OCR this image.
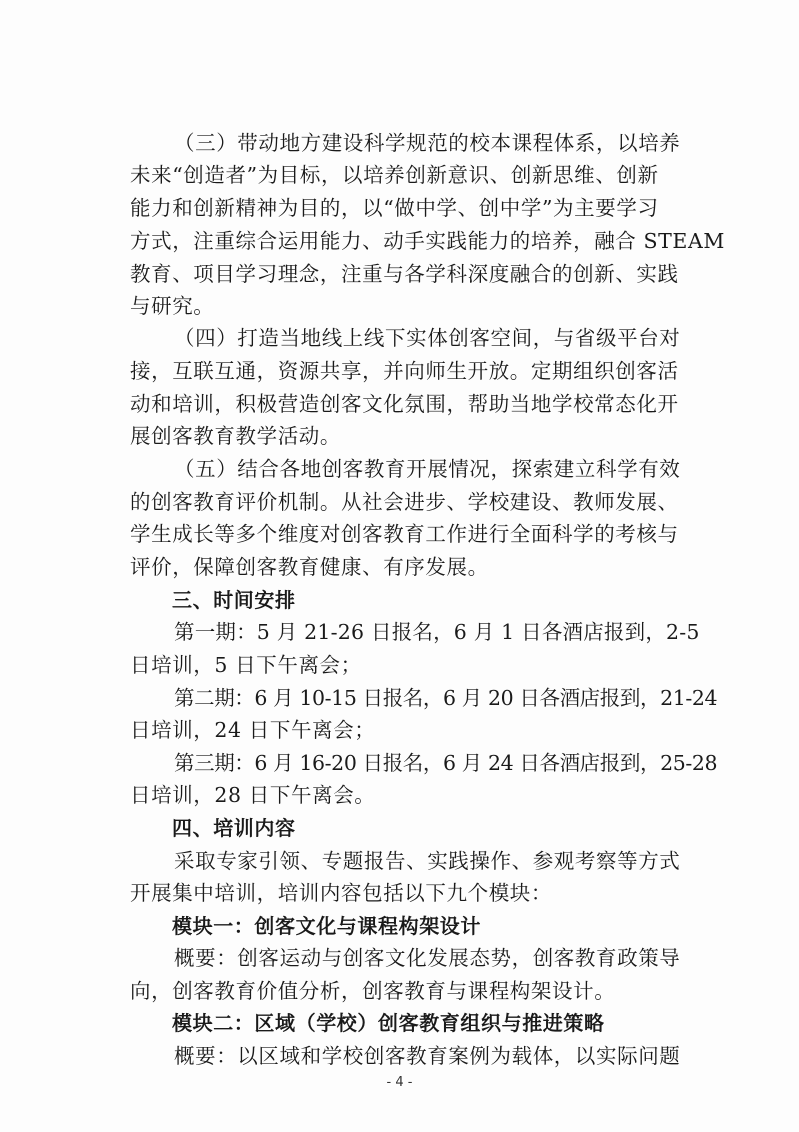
（三）带动地方建设科学规范的校本课程体系，以培养
未来“创造者”为目标，以培养创新意识、创新思维、创新
能力和创新精神为目的，以“做中学、创中学”为主要学习
方式，注重综合运用能力、动手实践能力的培养，融合 STEAM
教育、项目学习理念，注重与各学科深度融合的创新、实践
与研究。
（四）打造当地线上线下实体创客空间，与省级平台对
接，互联互通，资源共享，并向师生开放。定期组织创客活
动和培训，积极营造创客文化氛围，帮助当地学校常态化开
展创客教育教学活动。
（五）结合各地创客教育开展情况，探索建立科学有效
的创客教育评价机制。从社会进步、学校建设、教师发展、
学生成长等多个维度对创客教育工作进行全面科学的考核与
评价，保障创客教育健康、有序发展。
三、时间安排
第一期：5 月 21-26 日报名，6 月 1 日各酒店报到，2-5
日培训，5 日下午离会；
第二期：6 月 10-15 日报名，6 月 20 日各酒店报到，21-24
日培训，24 日下午离会；
第三期：6 月 16-20 日报名，6 月 24 日各酒店报到，25-28
日培训，28 日下午离会。
四、培训内容
采取专家引领、专题报告、实践操作、参观考察等方式
开展集中培训，培训内容包括以下九个模块：
模块一：创客文化与课程构架设计
概要：创客运动与创客文化发展态势，创客教育政策导
向，创客教育价值分析，创客教育与课程构架设计。
模块二：区域（学校）创客教育组织与推进策略
概要：以区域和学校创客教育案例为载体，以实际问题
- 4 -
